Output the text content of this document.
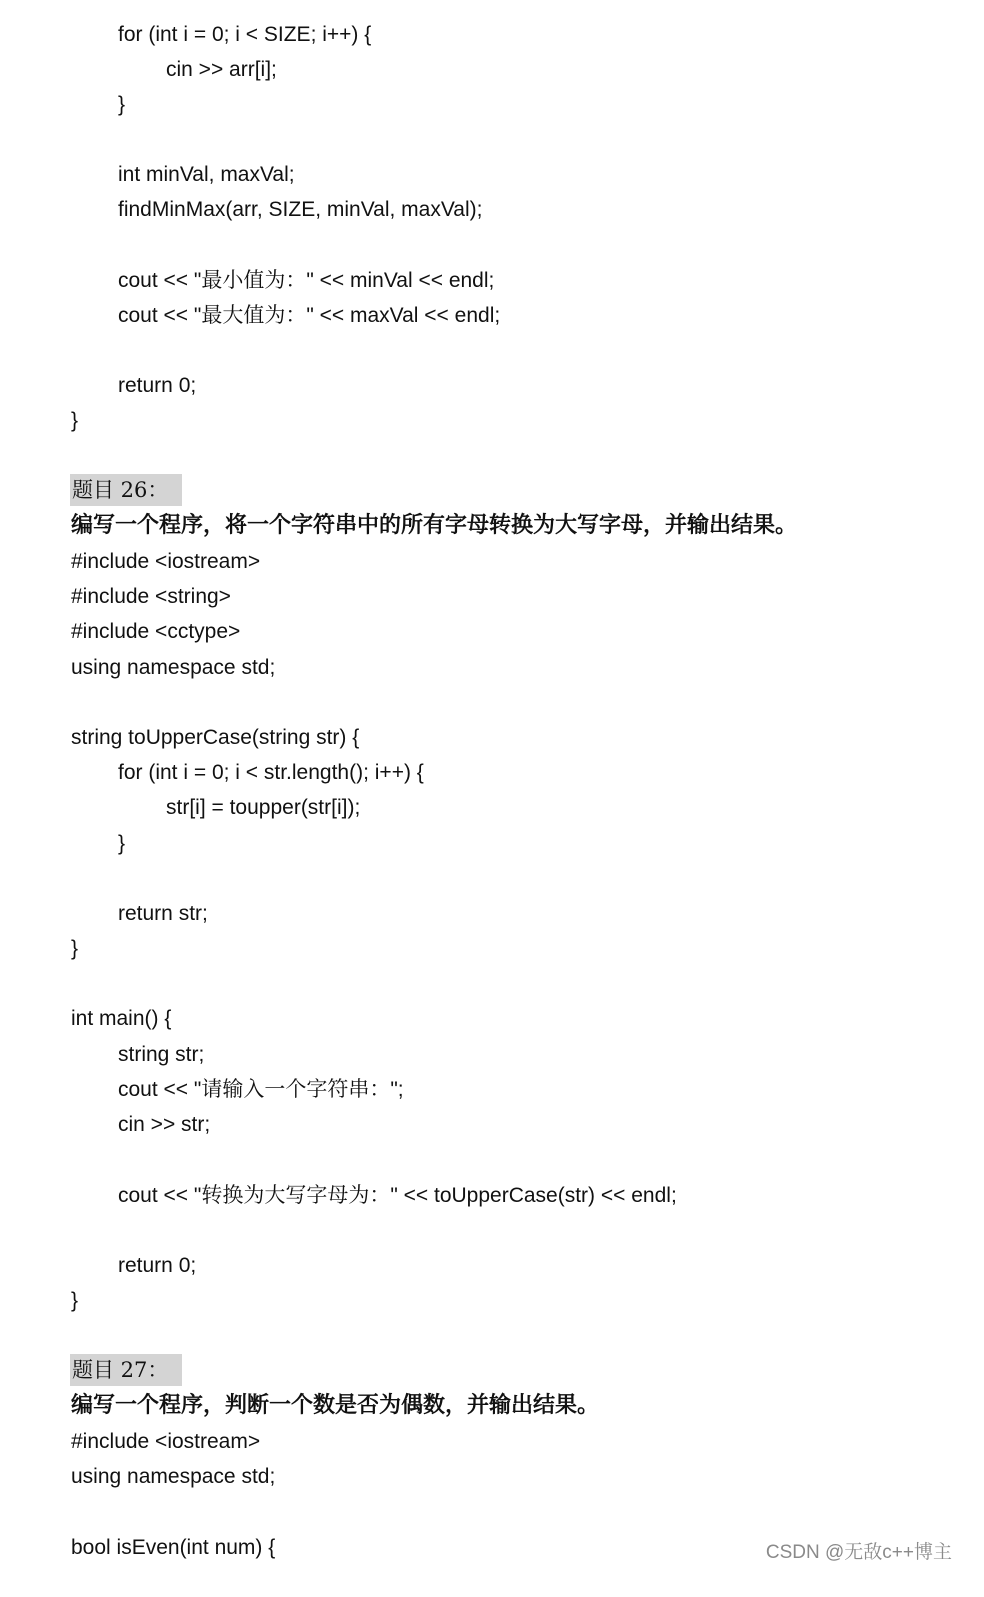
for (int i = 0; i < SIZE; i++) {
cin >> arr[i];
}
int minVal, maxVal;
findMinMax(arr, SIZE, minVal, maxVal);
cout << "最小值为：" << minVal << endl;
cout << "最大值为：" << maxVal << endl;
return 0;
}
题目 26：
编写一个程序，将一个字符串中的所有字母转换为大写字母，并输出结果。
#include <iostream>
#include <string>
#include <cctype>
using namespace std;
string toUpperCase(string str) {
for (int i = 0; i < str.length(); i++) {
str[i] = toupper(str[i]);
}
return str;
}
int main() {
string str;
cout << "请输入一个字符串：";
cin >> str;
cout << "转换为大写字母为：" << toUpperCase(str) << endl;
return 0;
}
题目 27：
编写一个程序，判断一个数是否为偶数，并输出结果。
#include <iostream>
using namespace std;
bool isEven(int num) {	CSDN @无敌c++博主
